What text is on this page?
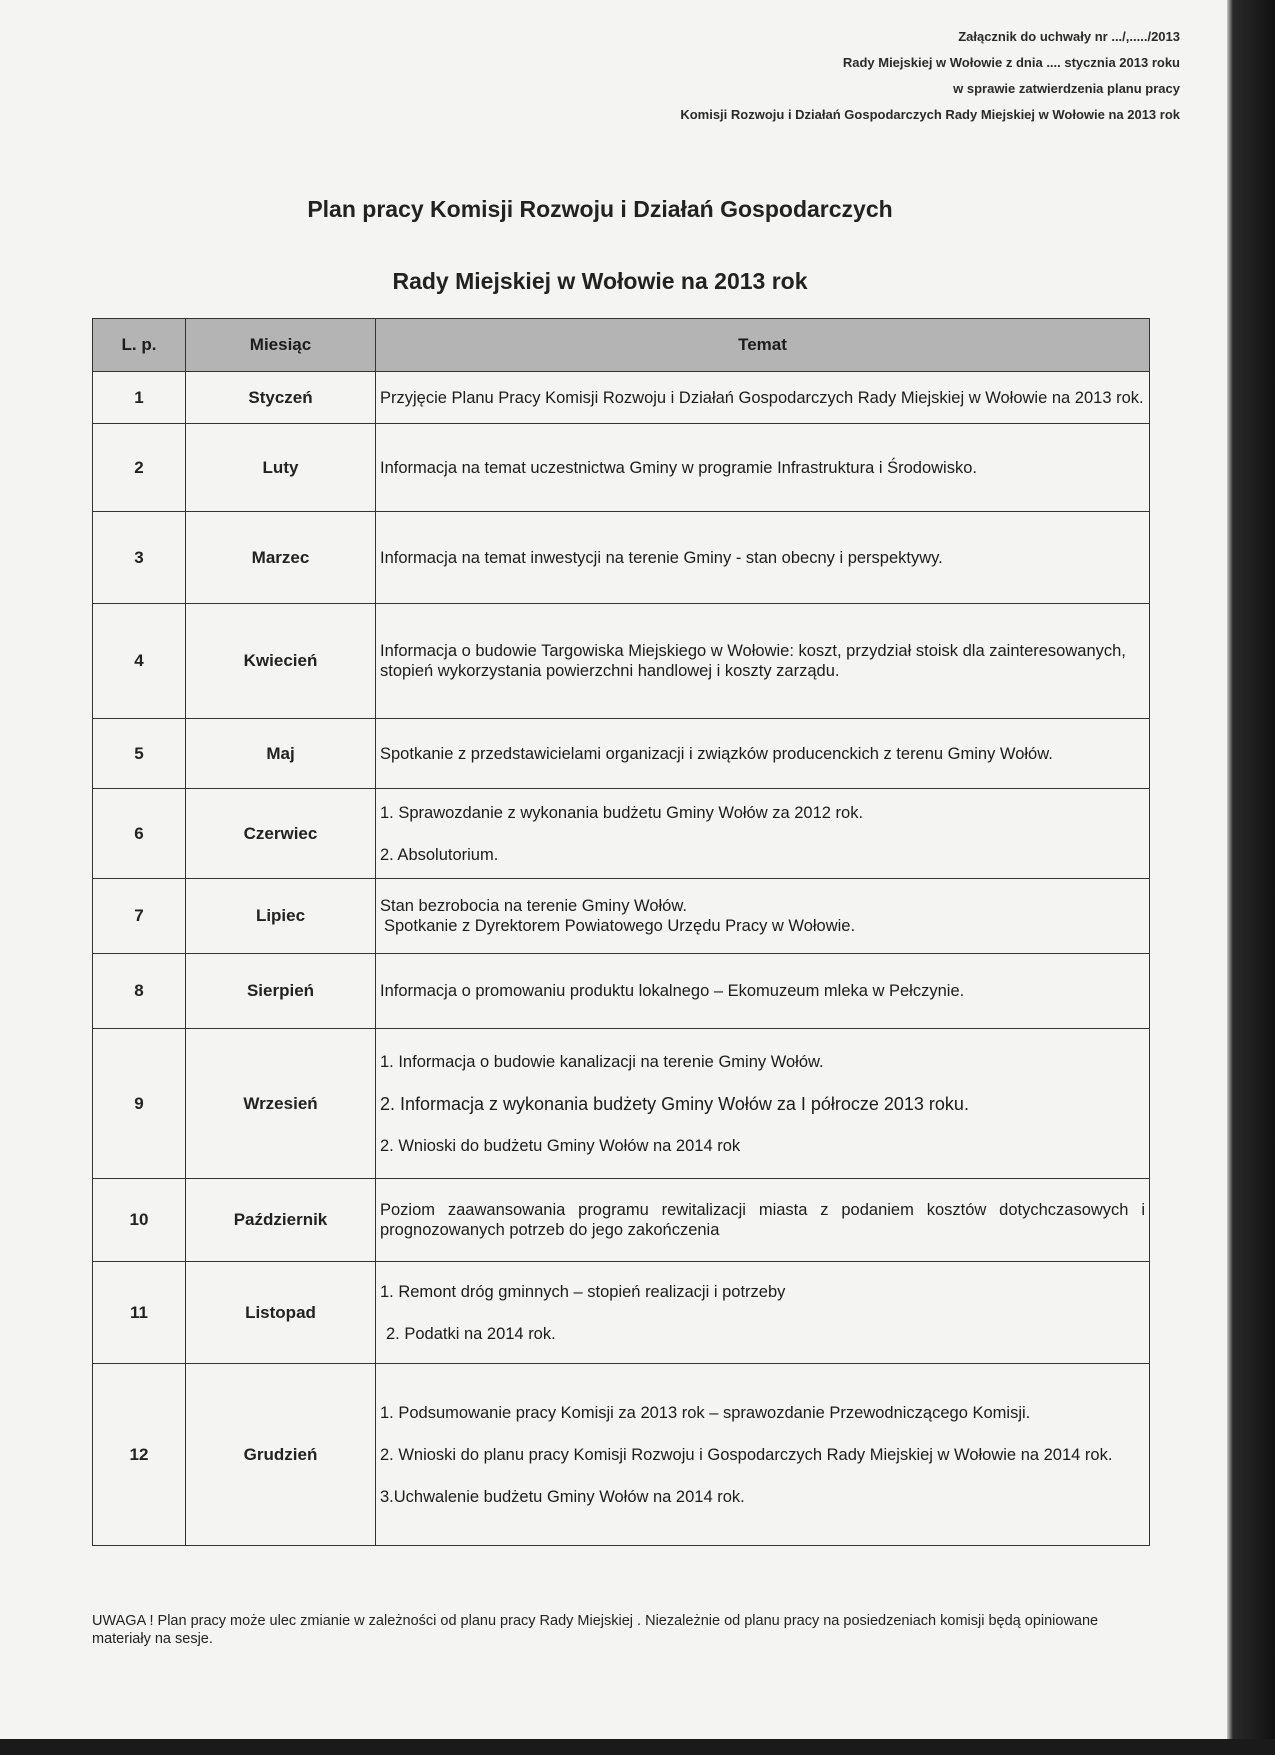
Załącznik do uchwały nr .../,...../2013
Rady Miejskiej w Wołowie z dnia .... stycznia 2013 roku
w sprawie zatwierdzenia planu pracy
Komisji Rozwoju i Działań Gospodarczych Rady Miejskiej w Wołowie na 2013 rok
Plan pracy Komisji Rozwoju i Działań Gospodarczych
Rady Miejskiej w Wołowie na 2013 rok
L. p.	Miesiąc	Temat
1	Styczeń	Przyjęcie Planu Pracy Komisji Rozwoju i Działań Gospodarczych Rady Miejskiej w Wołowie na 2013 rok.

2	Luty	Informacja na temat uczestnictwa Gminy w programie Infrastruktura i Środowisko.

3	Marzec	Informacja na temat inwestycji na terenie Gminy - stan obecny i perspektywy.

4	Kwiecień	Informacja o budowie Targowiska Miejskiego w Wołowie: koszt, przydział stoisk dla zainteresowanych, stopień wykorzystania powierzchni handlowej i koszty zarządu.

5	Maj	Spotkanie z przedstawicielami organizacji i związków producenckich z terenu Gminy Wołów.

6	Czerwiec	1. Sprawozdanie z wykonania budżetu Gminy Wołów za 2012 rok.
2. Absolutorium.

7	Lipiec	Stan bezrobocia na terenie Gminy Wołów.
Spotkanie z Dyrektorem Powiatowego Urzędu Pracy w Wołowie.

8	Sierpień	Informacja o promowaniu produktu lokalnego – Ekomuzeum mleka w Pełczynie.

9	Wrzesień	1. Informacja o budowie kanalizacji na terenie Gminy Wołów.
2. Informacja z wykonania budżety Gminy Wołów za I półrocze 2013 roku.
2. Wnioski do budżetu Gminy Wołów na 2014 rok

10	Październik	Poziom zaawansowania programu rewitalizacji miasta z podaniem kosztów dotychczasowych i prognozowanych potrzeb do jego zakończenia

11	Listopad	1. Remont dróg gminnych – stopień realizacji i potrzeby
2. Podatki na 2014 rok.

12	Grudzień	1. Podsumowanie pracy Komisji za 2013 rok – sprawozdanie Przewodniczącego Komisji.
2. Wnioski do planu pracy Komisji Rozwoju i Gospodarczych Rady Miejskiej w Wołowie na 2014 rok.
3.Uchwalenie budżetu Gminy Wołów na 2014 rok.
UWAGA ! Plan pracy może ulec zmianie w zależności od planu pracy Rady Miejskiej . Niezależnie od planu pracy na posiedzeniach komisji będą opiniowane materiały na sesje.
